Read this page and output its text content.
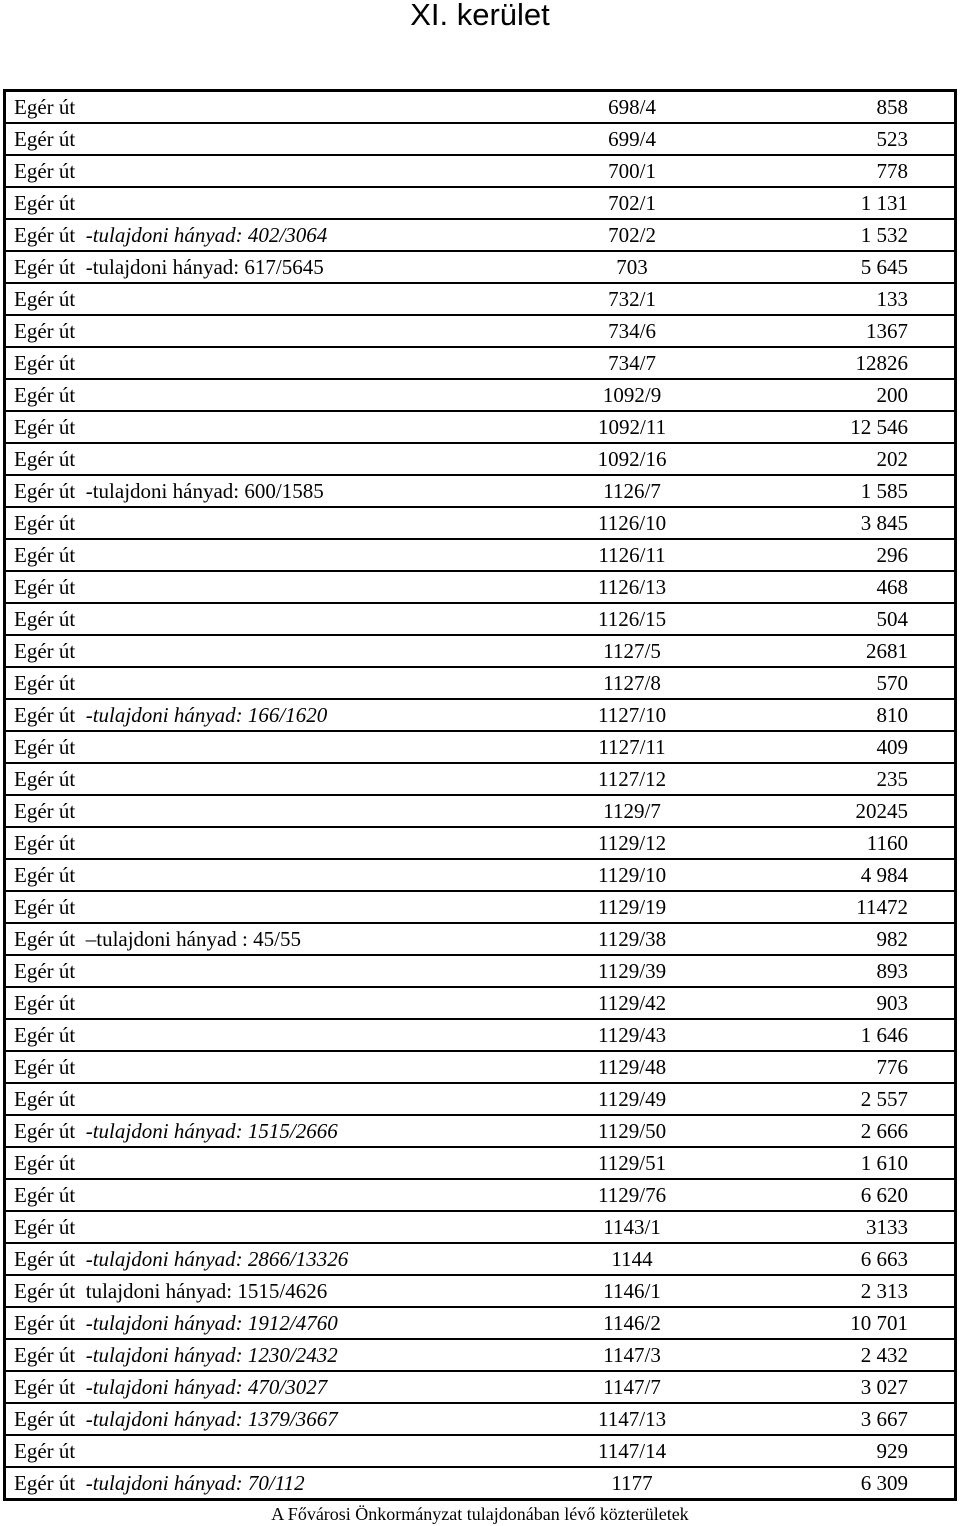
XI. kerület
Egér út	698/4	858
Egér út	699/4	523
Egér út	700/1	778
Egér út	702/1	1 131
Egér út -tulajdoni hányad: 402/3064	702/2	1 532
Egér út -tulajdoni hányad: 617/5645	703	5 645
Egér út	732/1	133
Egér út	734/6	1367
Egér út	734/7	12826
Egér út	1092/9	200
Egér út	1092/11	12 546
Egér út	1092/16	202
Egér út -tulajdoni hányad: 600/1585	1126/7	1 585
Egér út	1126/10	3 845
Egér út	1126/11	296
Egér út	1126/13	468
Egér út	1126/15	504
Egér út	1127/5	2681
Egér út	1127/8	570
Egér út -tulajdoni hányad: 166/1620	1127/10	810
Egér út	1127/11	409
Egér út	1127/12	235
Egér út	1129/7	20245
Egér út	1129/12	1160
Egér út	1129/10	4 984
Egér út	1129/19	11472
Egér út –tulajdoni hányad : 45/55	1129/38	982
Egér út	1129/39	893
Egér út	1129/42	903
Egér út	1129/43	1 646
Egér út	1129/48	776
Egér út	1129/49	2 557
Egér út -tulajdoni hányad: 1515/2666	1129/50	2 666
Egér út	1129/51	1 610
Egér út	1129/76	6 620
Egér út	1143/1	3133
Egér út -tulajdoni hányad: 2866/13326	1144	6 663
Egér út tulajdoni hányad: 1515/4626	1146/1	2 313
Egér út -tulajdoni hányad: 1912/4760	1146/2	10 701
Egér út -tulajdoni hányad: 1230/2432	1147/3	2 432
Egér út -tulajdoni hányad: 470/3027	1147/7	3 027
Egér út -tulajdoni hányad: 1379/3667	1147/13	3 667
Egér út	1147/14	929
Egér út -tulajdoni hányad: 70/112	1177	6 309
A Fővárosi Önkormányzat tulajdonában lévő közterületek
